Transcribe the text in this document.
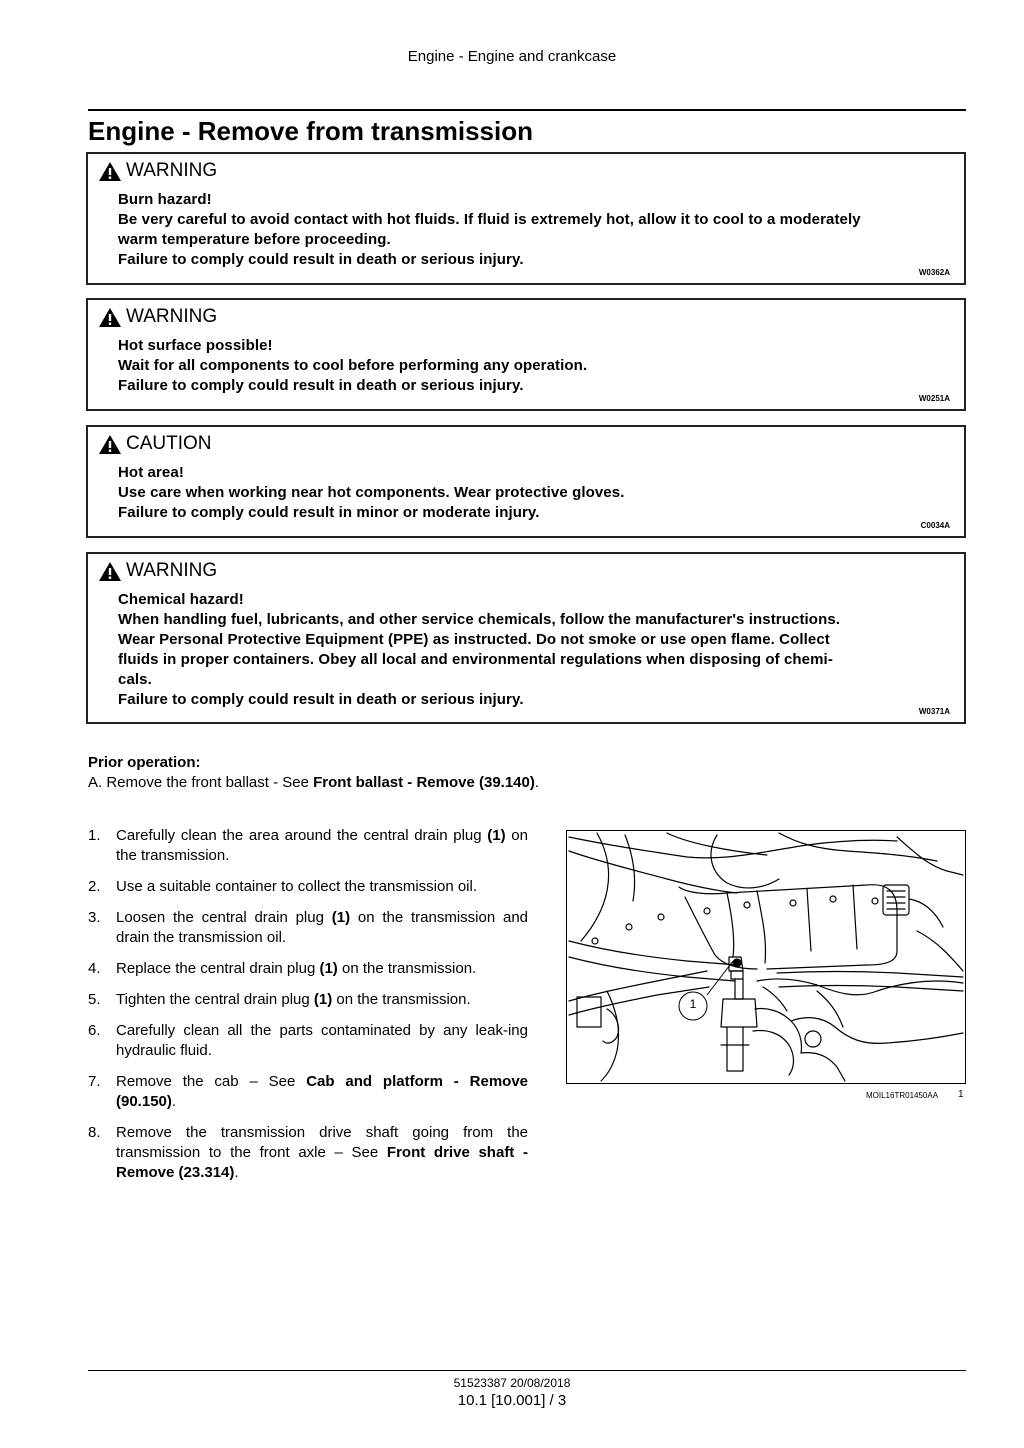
Engine - Engine and crankcase
Engine - Remove from transmission
WARNING
Burn hazard!
Be very careful to avoid contact with hot fluids. If fluid is extremely hot, allow it to cool to a moderately
warm temperature before proceeding.
Failure to comply could result in death or serious injury.
W0362A
WARNING
Hot surface possible!
Wait for all components to cool before performing any operation.
Failure to comply could result in death or serious injury.
W0251A
CAUTION
Hot area!
Use care when working near hot components. Wear protective gloves.
Failure to comply could result in minor or moderate injury.
C0034A
WARNING
Chemical hazard!
When handling fuel, lubricants, and other service chemicals, follow the manufacturer's instructions.
Wear Personal Protective Equipment (PPE) as instructed. Do not smoke or use open flame. Collect
fluids in proper containers. Obey all local and environmental regulations when disposing of chemi-
cals.
Failure to comply could result in death or serious injury.
W0371A
Prior operation:
A. Remove the front ballast - See Front ballast - Remove (39.140).
1.	Carefully clean the area around the central drain plug (1) on the transmission.
2.	Use a suitable container to collect the transmission oil.
3.	Loosen the central drain plug (1) on the transmission and drain the transmission oil.
4.	Replace the central drain plug (1) on the transmission.
5.	Tighten the central drain plug (1) on the transmission.
6.	Carefully clean all the parts contaminated by any leak-ing hydraulic fluid.
7.	Remove the cab – See Cab and platform - Remove (90.150).
8.	Remove the transmission drive shaft going from the transmission to the front axle – See Front drive shaft - Remove (23.314).
1
MOIL16TR01450AA 1
51523387 20/08/2018
10.1 [10.001] / 3
